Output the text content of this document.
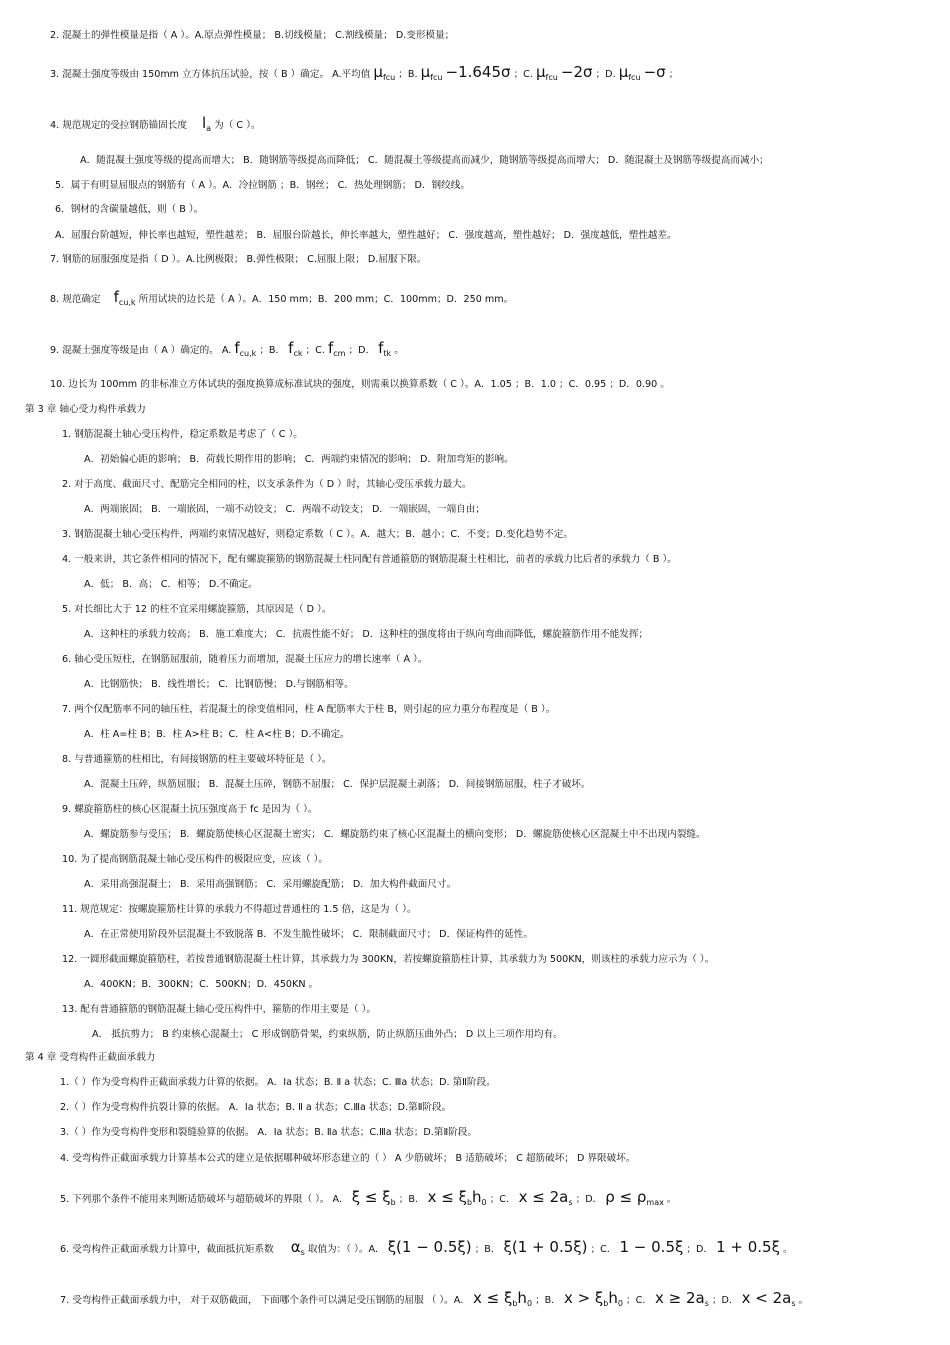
2. 混凝土的弹性模量是指（ A ）。A.原点弹性模量； B.切线模量； C.割线模量； D.变形模量；
3. 混凝土强度等级由 150mm 立方体抗压试验，按（ B ）确定。 A.平均值 $\mu_{fcu}$ ；B. $\mu_{fcu} -1.645\sigma$ ；C. $\mu_{fcu} -2\sigma$ ；D. $\mu_{fcu} -\sigma$ ；
4. 规范规定的受拉钢筋锚固长度 $l_a$ 为（ C ）。
A．随混凝土强度等级的提高而增大； B．随钢筋等级提高而降低； C．随混凝土等级提高而减少，随钢筋等级提高而增大； D．随混凝土及钢筋等级提高而减小；
5．属于有明显屈服点的钢筋有（ A ）。A．冷拉钢筋 ；B．钢丝； C．热处理钢筋； D．钢绞线。
6．钢材的含碳量越低，则（ B ）。
A．屈服台阶越短，伸长率也越短，塑性越差； B．屈服台阶越长，伸长率越大，塑性越好； C．强度越高，塑性越好； D．强度越低，塑性越差。
7. 钢筋的屈服强度是指（ D ）。A.比例极限； B.弹性极限； C.屈服上限； D.屈服下限。
8. 规范确定 $f_{cu,k}$ 所用试块的边长是（ A ）。A．150 mm；B．200 mm；C．100mm；D．250 mm。
9. 混凝土强度等级是由（ A ）确定的。 A. $f_{cu,k}$ ；B． $f_{ck}$ ；C. $f_{cm}$ ；D． $f_{tk}$ 。
10. 边长为 100mm 的非标准立方体试块的强度换算成标准试块的强度，则需乘以换算系数（ C ）。A．1.05 ；B．1.0 ；C．0.95 ；D．0.90 。
第 3 章 轴心受力构件承载力
1. 钢筋混凝土轴心受压构件，稳定系数是考虑了（ C ）。
A．初始偏心距的影响； B．荷载长期作用的影响； C．两端约束情况的影响； D．附加弯矩的影响。
2. 对于高度、截面尺寸、配筋完全相同的柱，以支承条件为（ D ）时，其轴心受压承载力最大。
A．两端嵌固； B．一端嵌固，一端不动铰支； C．两端不动铰支； D．一端嵌固，一端自由；
3. 钢筋混凝土轴心受压构件，两端约束情况越好，则稳定系数（ C ）。A．越大；B．越小；C．不变；D.变化趋势不定。
4. 一般来讲，其它条件相同的情况下，配有螺旋箍筋的钢筋混凝土柱同配有普通箍筋的钢筋混凝土柱相比，前者的承载力比后者的承载力（ B ）。
A．低； B．高； C．相等； D.不确定。
5. 对长细比大于 12 的柱不宜采用螺旋箍筋，其原因是（ D ）。
A．这种柱的承载力较高； B．施工难度大； C．抗震性能不好； D．这种柱的强度将由于纵向弯曲而降低，螺旋箍筋作用不能发挥；
6. 轴心受压短柱，在钢筋屈服前，随着压力而增加，混凝土压应力的增长速率（ A ）。
A．比钢筋快； B．线性增长； C．比钢筋慢； D.与钢筋相等。
7. 两个仅配筋率不同的轴压柱，若混凝土的徐变值相同，柱 A 配筋率大于柱 B，则引起的应力重分布程度是（ B ）。
A．柱 A=柱 B；B．柱 A>柱 B；C．柱 A<柱 B；D.不确定。
8. 与普通箍筋的柱相比，有间接钢筋的柱主要破坏特征是（ ）。
A．混凝土压碎，纵筋屈服； B．混凝土压碎，钢筋不屈服； C．保护层混凝土剥落； D．间接钢筋屈服，柱子才破坏。
9. 螺旋箍筋柱的核心区混凝土抗压强度高于 fc 是因为（ ）。
A．螺旋筋参与受压； B．螺旋筋使核心区混凝土密实； C．螺旋筋约束了核心区混凝土的横向变形； D．螺旋筋使核心区混凝土中不出现内裂缝。
10. 为了提高钢筋混凝土轴心受压构件的极限应变，应该（ ）。
A．采用高强混凝土； B．采用高强钢筋； C．采用螺旋配筋； D．加大构件截面尺寸。
11. 规范规定：按螺旋箍筋柱计算的承载力不得超过普通柱的 1.5 倍，这是为（ ）。
A．在正常使用阶段外层混凝土不致脱落 B．不发生脆性破坏； C．限制截面尺寸； D．保证构件的延性。
12. 一圆形截面螺旋箍筋柱，若按普通钢筋混凝土柱计算，其承载力为 300KN，若按螺旋箍筋柱计算，其承载力为 500KN，则该柱的承载力应示为（ ）。
A．400KN；B．300KN；C．500KN；D．450KN 。
13. 配有普通箍筋的钢筋混凝土轴心受压构件中，箍筋的作用主要是（ ）。
A． 抵抗剪力； B 约束核心混凝土； C 形成钢筋骨架，约束纵筋，防止纵筋压曲外凸； D 以上三项作用均有。
第 4 章 受弯构件正截面承载力
1.（ ）作为受弯构件正截面承载力计算的依据。 A．Ⅰa 状态；B. Ⅱ a 状态；C. Ⅲa 状态；D. 第Ⅱ阶段。
2.（ ）作为受弯构件抗裂计算的依据。 A．Ⅰa 状态；B. Ⅱ a 状态；C.Ⅲa 状态；D.第Ⅱ阶段。
3.（ ）作为受弯构件变形和裂缝验算的依据。 A．Ⅰa 状态；B. Ⅱa 状态；C.Ⅲa 状态；D.第Ⅱ阶段。
4. 受弯构件正截面承载力计算基本公式的建立是依据哪种破坏形态建立的（ ） A 少筋破坏； B 适筋破坏； C 超筋破坏； D 界限破坏。
5. 下列那个条件不能用来判断适筋破坏与超筋破坏的界限（ ）。 A． $\xi \le \xi_b$ ；B． $x \le \xi_bh_0$ ；C． $x \le 2a_s$ ；D． $\rho \le \rho_{max}$ 。
6. 受弯构件正截面承载力计算中，截面抵抗矩系数 $\alpha_s$ 取值为：（ ）。A． ξ(1 − 0.5ξ) ；B． ξ(1 + 0.5ξ) ；C． 1 − 0.5ξ ；D． 1 + 0.5ξ 。
7. 受弯构件正截面承载力中， 对于双筋截面， 下面哪个条件可以满足受压钢筋的屈服 （ ）。A． $x \le \xi_bh_0$ ；B． $x > \xi_bh_0$ ；C． $x \ge 2a_s$ ；D． $x < 2a_s$ 。
